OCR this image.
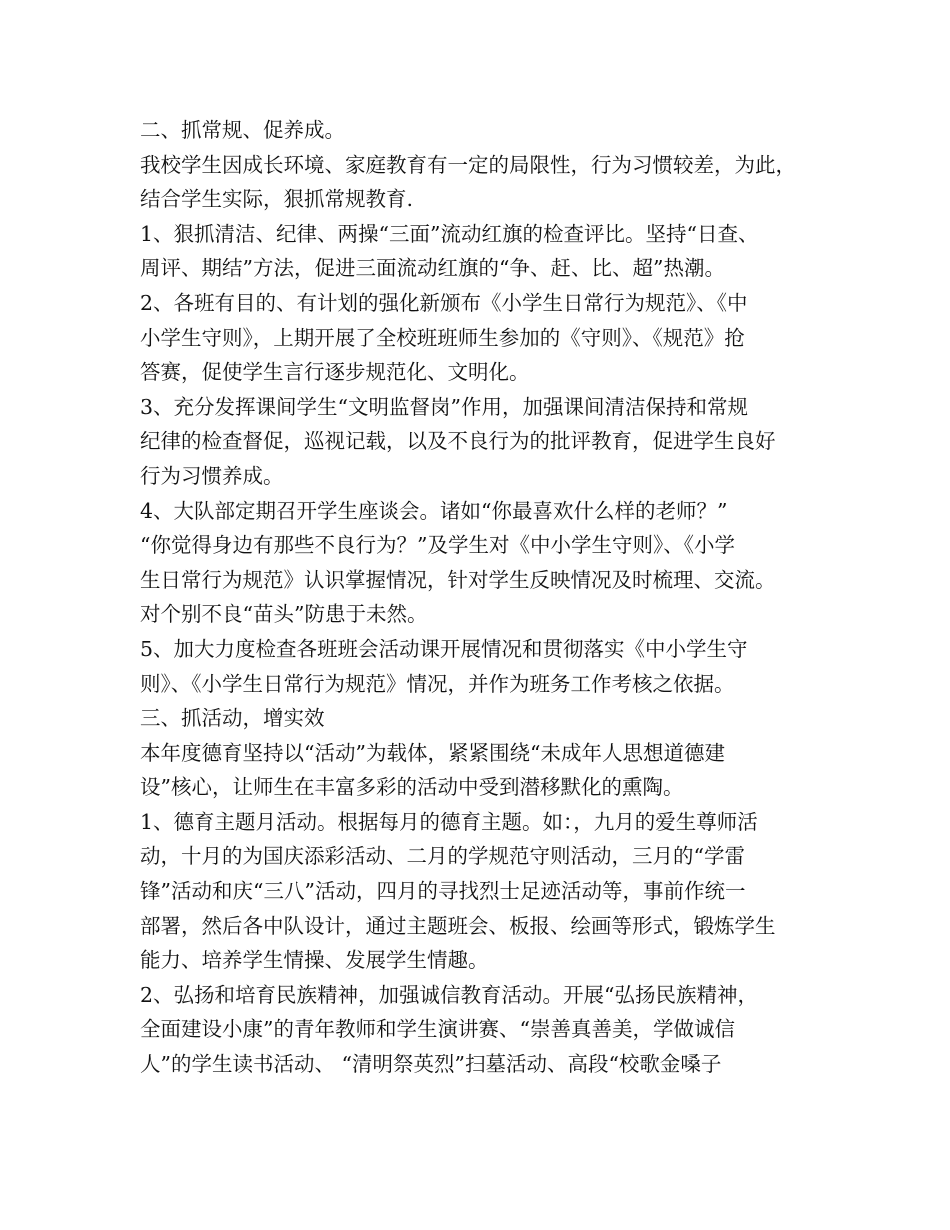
二、抓常规、促养成。
我校学生因成长环境、家庭教育有一定的局限性，行为习惯较差，为此，
结合学生实际，狠抓常规教育.
1、狠抓清洁、纪律、两操“三面”流动红旗的检查评比。坚持“日查、
周评、期结”方法，促进三面流动红旗的“争、赶、比、超”热潮。
2、各班有目的、有计划的强化新颁布《小学生日常行为规范》、《中
小学生守则》，上期开展了全校班班师生参加的《守则》、《规范》抢
答赛，促使学生言行逐步规范化、文明化。
3、充分发挥课间学生“文明监督岗”作用，加强课间清洁保持和常规
纪律的检查督促，巡视记载，以及不良行为的批评教育，促进学生良好
行为习惯养成。
4、大队部定期召开学生座谈会。诸如“你最喜欢什么样的老师？”
“你觉得身边有那些不良行为？”及学生对《中小学生守则》、《小学
生日常行为规范》认识掌握情况，针对学生反映情况及时梳理、交流。
对个别不良“苗头”防患于未然。
5、加大力度检查各班班会活动课开展情况和贯彻落实《中小学生守
则》、《小学生日常行为规范》情况，并作为班务工作考核之依据。
三、抓活动，增实效
本年度德育坚持以“活动”为载体，紧紧围绕“未成年人思想道德建
设”核心，让师生在丰富多彩的活动中受到潜移默化的熏陶。
1、德育主题月活动。根据每月的德育主题。如：，九月的爱生尊师活
动，十月的为国庆添彩活动、二月的学规范守则活动，三月的“学雷
锋”活动和庆“三八”活动，四月的寻找烈士足迹活动等，事前作统一
部署，然后各中队设计，通过主题班会、板报、绘画等形式，锻炼学生
能力、培养学生情操、发展学生情趣。
2、弘扬和培育民族精神，加强诚信教育活动。开展“弘扬民族精神，
全面建设小康”的青年教师和学生演讲赛、“崇善真善美，学做诚信
人”的学生读书活动、 “清明祭英烈”扫墓活动、高段“校歌金嗓子
